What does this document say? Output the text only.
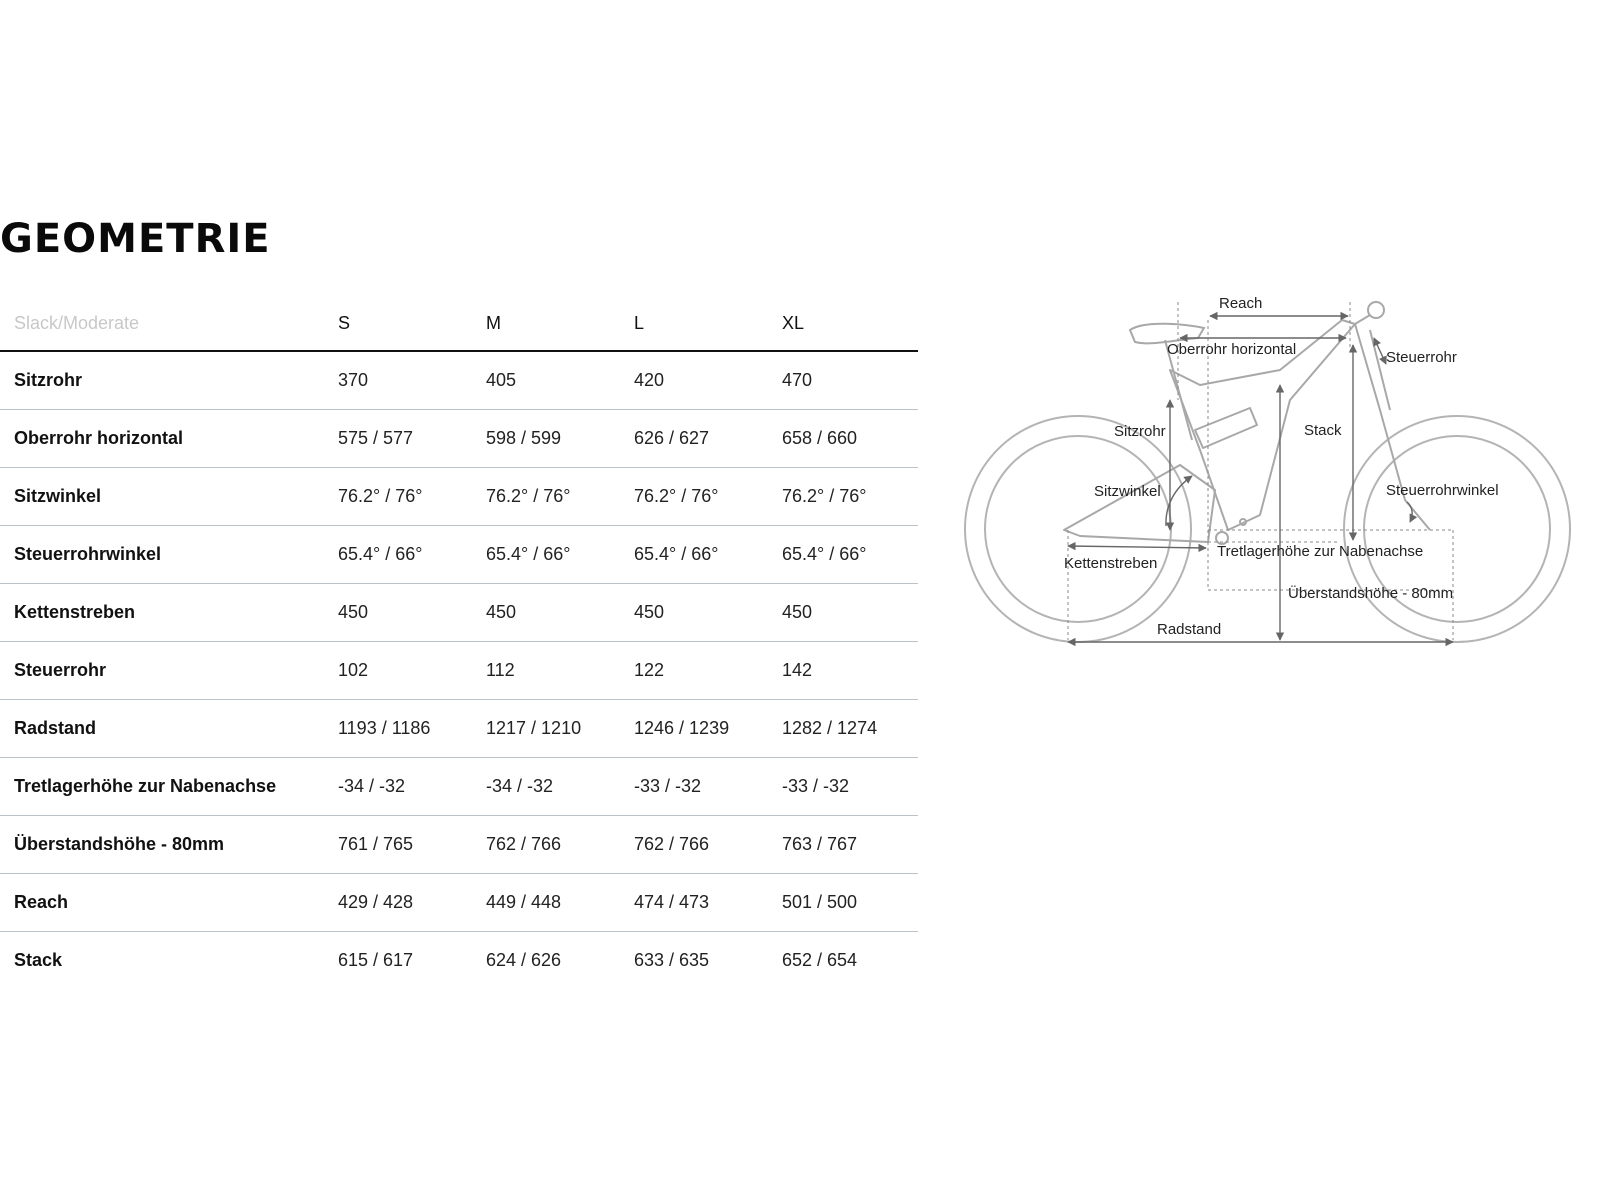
GEOMETRIE
Slack/Moderate	S	M	L	XL
Sitzrohr	370	405	420	470
Oberrohr horizontal	575 / 577	598 / 599	626 / 627	658 / 660
Sitzwinkel	76.2° / 76°	76.2° / 76°	76.2° / 76°	76.2° / 76°
Steuerrohrwinkel	65.4° / 66°	65.4° / 66°	65.4° / 66°	65.4° / 66°
Kettenstreben	450	450	450	450
Steuerrohr	102	112	122	142
Radstand	1193 / 1186	1217 / 1210	1246 / 1239	1282 / 1274
Tretlagerhöhe zur Nabenachse	-34 / -32	-34 / -32	-33 / -32	-33 / -32
Überstandshöhe - 80mm	761 / 765	762 / 766	762 / 766	763 / 767
Reach	429 / 428	449 / 448	474 / 473	501 / 500
Stack	615 / 617	624 / 626	633 / 635	652 / 654
Reach
Oberrohr horizontal	Steuerrohr
Sitzrohr	Stack
Sitzwinkel	Steuerrohrwinkel
Kettenstreben
Tretlagerhöhe zur Nabenachse
Überstandshöhe - 80mm
Radstand
